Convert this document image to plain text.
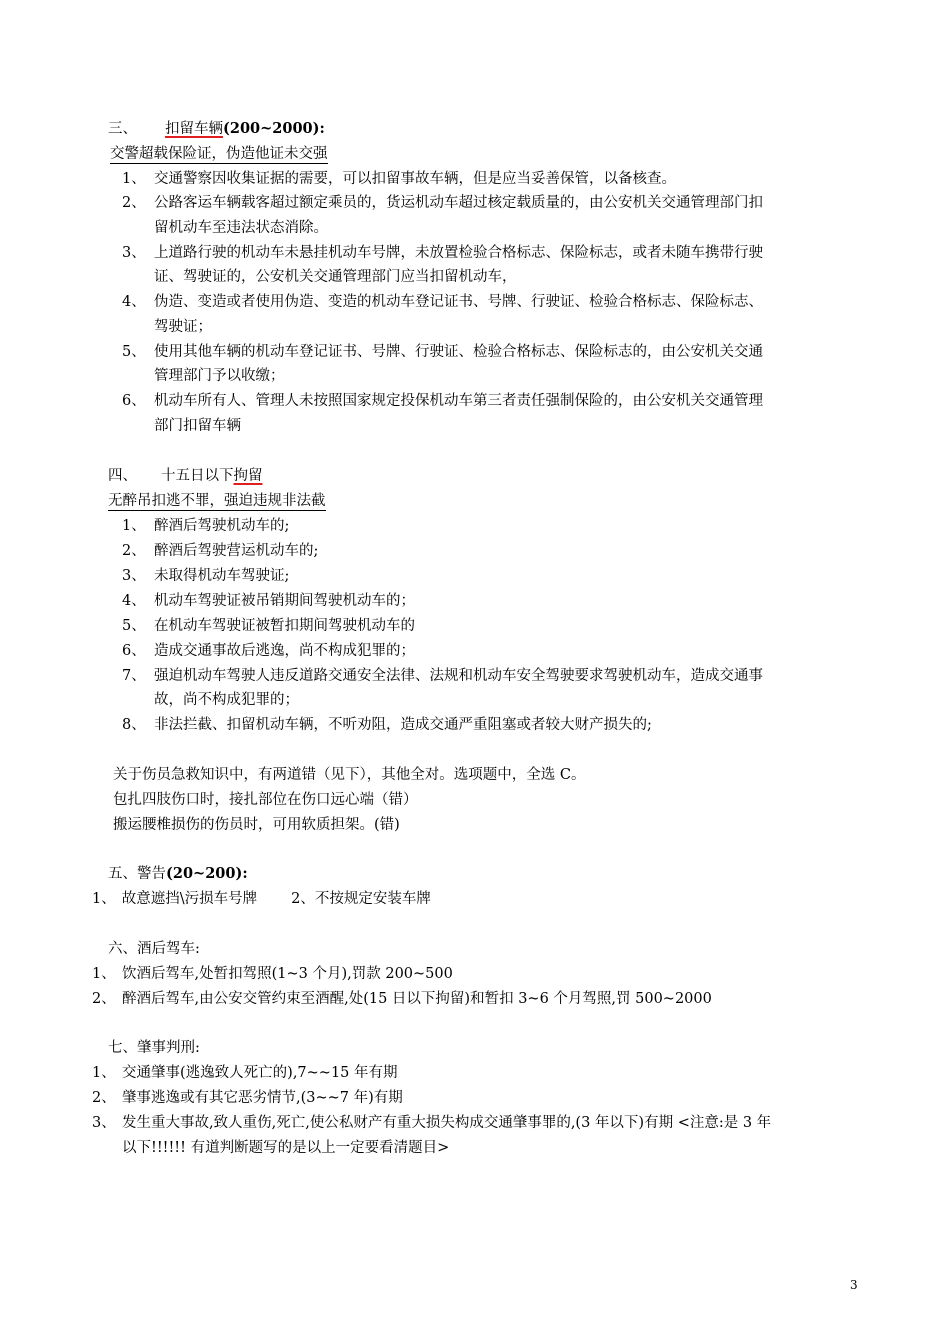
三、 扣留车辆(200~2000):
交警超载保险证，伪造他证未交强
1、 交通警察因收集证据的需要，可以扣留事故车辆，但是应当妥善保管，以备核查。
2、 公路客运车辆载客超过额定乘员的，货运机动车超过核定载质量的，由公安机关交通管理部门扣
留机动车至违法状态消除。
3、 上道路行驶的机动车未悬挂机动车号牌，未放置检验合格标志、保险标志，或者未随车携带行驶
证、驾驶证的，公安机关交通管理部门应当扣留机动车，
4、 伪造、变造或者使用伪造、变造的机动车登记证书、号牌、行驶证、检验合格标志、保险标志、
驾驶证；
5、 使用其他车辆的机动车登记证书、号牌、行驶证、检验合格标志、保险标志的，由公安机关交通
管理部门予以收缴；
6、 机动车所有人、管理人未按照国家规定投保机动车第三者责任强制保险的，由公安机关交通管理
部门扣留车辆
四、 十五日以下拘留
无醉吊扣逃不罪，强迫违规非法截
1、 醉酒后驾驶机动车的;
2、 醉酒后驾驶营运机动车的;
3、 未取得机动车驾驶证;
4、 机动车驾驶证被吊销期间驾驶机动车的；
5、 在机动车驾驶证被暂扣期间驾驶机动车的
6、 造成交通事故后逃逸，尚不构成犯罪的；
7、 强迫机动车驾驶人违反道路交通安全法律、法规和机动车安全驾驶要求驾驶机动车，造成交通事
故，尚不构成犯罪的；
8、 非法拦截、扣留机动车辆，不听劝阻，造成交通严重阻塞或者较大财产损失的;
关于伤员急救知识中，有两道错（见下），其他全对。选项题中，全选 C。
包扎四肢伤口时，接扎部位在伤口远心端（错）
搬运腰椎损伤的伤员时，可用软质担架。(错)
五、警告(20~200):
1、 故意遮挡\污损车号牌 2、不按规定安装车牌
六、酒后驾车:
1、 饮酒后驾车,处暂扣驾照(1~3 个月),罚款 200~500
2、 醉酒后驾车,由公安交管约束至酒醒,处(15 日以下拘留)和暂扣 3~6 个月驾照,罚 500~2000
七、肇事判刑:
1、 交通肇事(逃逸致人死亡的),7~~15 年有期
2、 肇事逃逸或有其它恶劣情节,(3~~7 年)有期
3、 发生重大事故,致人重伤,死亡,使公私财产有重大损失构成交通肇事罪的,(3 年以下)有期 <注意:是 3 年
以下!!!!!! 有道判断题写的是以上一定要看清题目>
3
